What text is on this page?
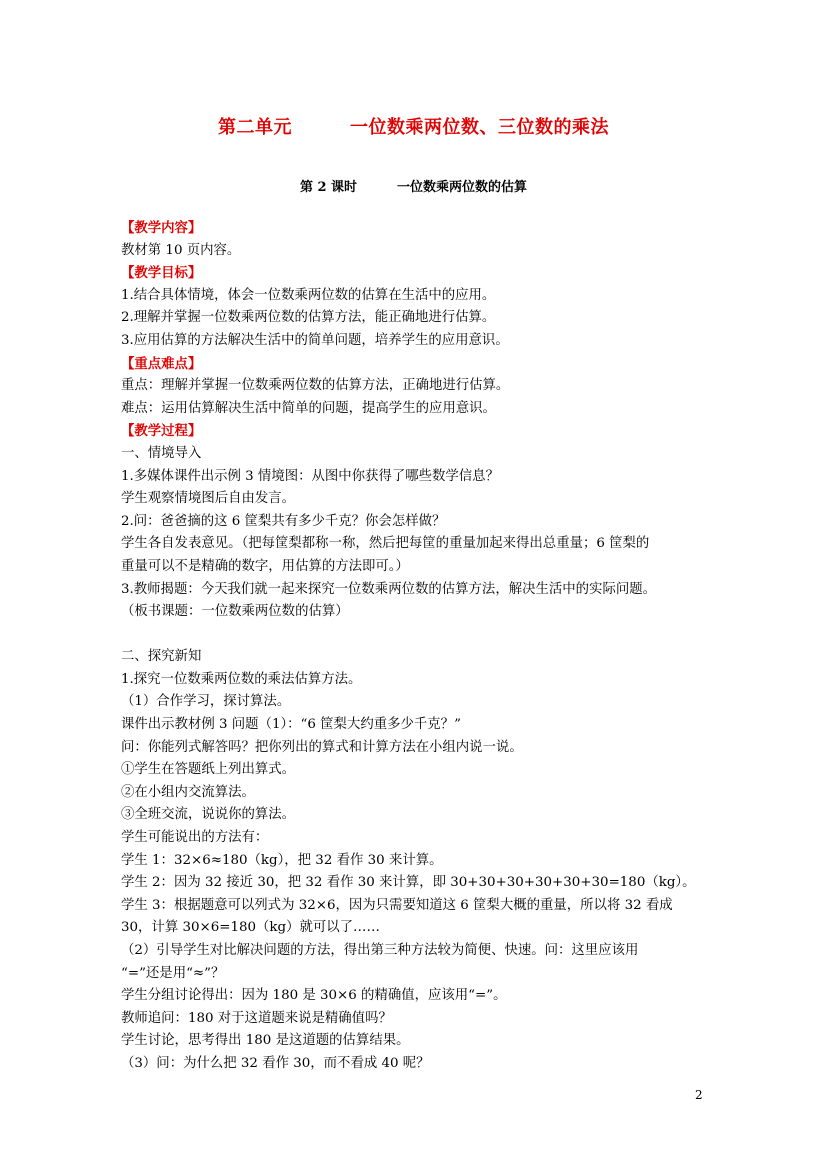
第二单元	一位数乘两位数、三位数的乘法
第 2 课时	一位数乘两位数的估算
【教学内容】
教材第 10 页内容。
【教学目标】
1.结合具体情境，体会一位数乘两位数的估算在生活中的应用。
2.理解并掌握一位数乘两位数的估算方法，能正确地进行估算。
3.应用估算的方法解决生活中的简单问题，培养学生的应用意识。
【重点难点】
重点：理解并掌握一位数乘两位数的估算方法，正确地进行估算。
难点：运用估算解决生活中简单的问题，提高学生的应用意识。
【教学过程】
一、情境导入
1.多媒体课件出示例 3 情境图：从图中你获得了哪些数学信息？
学生观察情境图后自由发言。
2.问：爸爸摘的这 6 筐梨共有多少千克？你会怎样做？
学生各自发表意见。（把每筐梨都称一称，然后把每筐的重量加起来得出总重量；6 筐梨的
重量可以不是精确的数字，用估算的方法即可。）
3.教师揭题：今天我们就一起来探究一位数乘两位数的估算方法，解决生活中的实际问题。
（板书课题：一位数乘两位数的估算）
二、探究新知
1.探究一位数乘两位数的乘法估算方法。
（1）合作学习，探讨算法。
课件出示教材例 3 问题（1）：“6 筐梨大约重多少千克？”
问：你能列式解答吗？把你列出的算式和计算方法在小组内说一说。
①学生在答题纸上列出算式。
②在小组内交流算法。
③全班交流，说说你的算法。
学生可能说出的方法有：
学生 1：32×6≈180（kg），把 32 看作 30 来计算。
学生 2：因为 32 接近 30，把 32 看作 30 来计算，即 30+30+30+30+30+30=180（kg）。
学生 3：根据题意可以列式为 32×6，因为只需要知道这 6 筐梨大概的重量，所以将 32 看成
30，计算 30×6=180（kg）就可以了……
（2）引导学生对比解决问题的方法，得出第三种方法较为简便、快速。问：这里应该用
“=”还是用“≈”？
学生分组讨论得出：因为 180 是 30×6 的精确值，应该用“=”。
教师追问：180 对于这道题来说是精确值吗？
学生讨论，思考得出 180 是这道题的估算结果。
（3）问：为什么把 32 看作 30，而不看成 40 呢？
2
